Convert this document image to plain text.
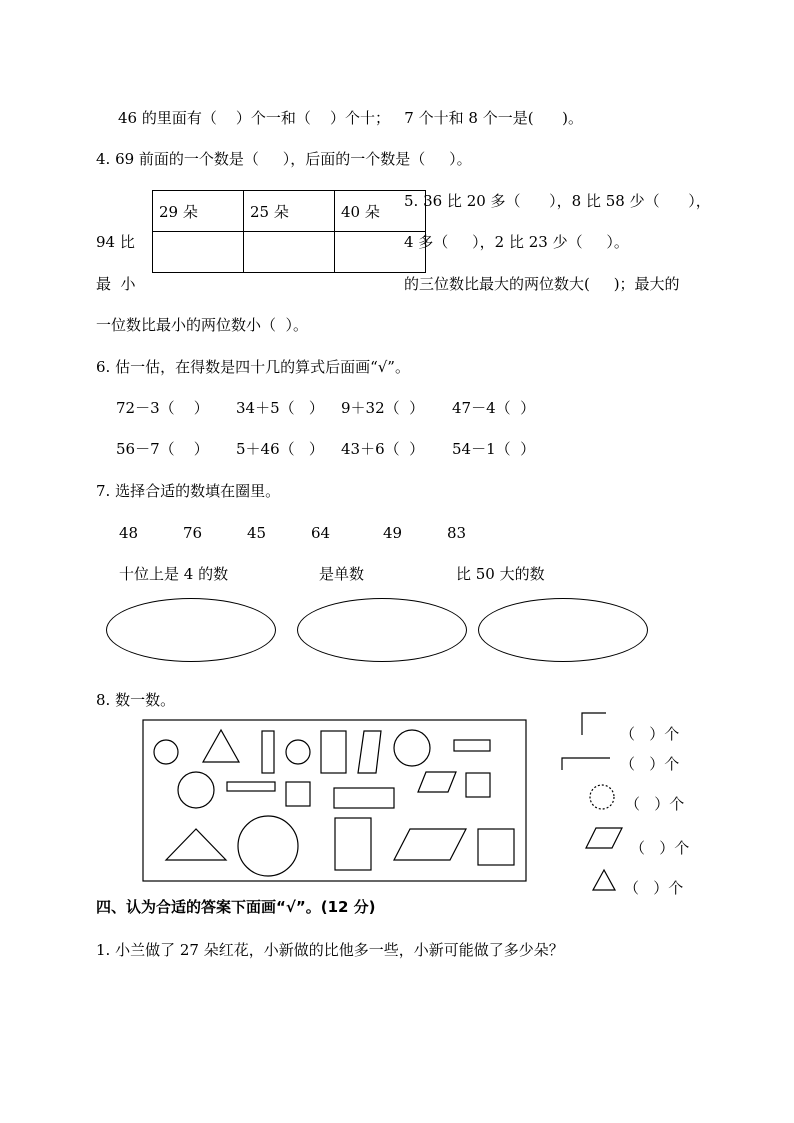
46 的里面有（    ）个一和（    ）个十；   7 个十和 8 个一是(      )。
4. 69 前面的一个数是（     ），后面的一个数是（     ）。
29 朵	25 朵	40 朵

5. 36 比 20 多（      ），8 比 58 少（      ），
94 比	4 多（     ），2 比 23 少（     ）。
最  小	的三位数比最大的两位数大(     )；最大的
一位数比最小的两位数小（  ）。
6. 估一估，在得数是四十几的算式后面画“√”。
72－3（    ） 34＋5（   ） 9＋32（  ） 47－4（  ）
56－7（    ） 5＋46（   ） 43＋6（  ） 54－1（  ）
7. 选择合适的数填在圈里。
48	76	45	64	49	83
十位上是 4 的数	是单数	比 50 大的数
8. 数一数。
（   ）个
（   ）个
（   ）个
（   ）个
（   ）个
四、认为合适的答案下面画“√”。(12 分)
1. 小兰做了 27 朵红花，小新做的比他多一些，小新可能做了多少朵？
